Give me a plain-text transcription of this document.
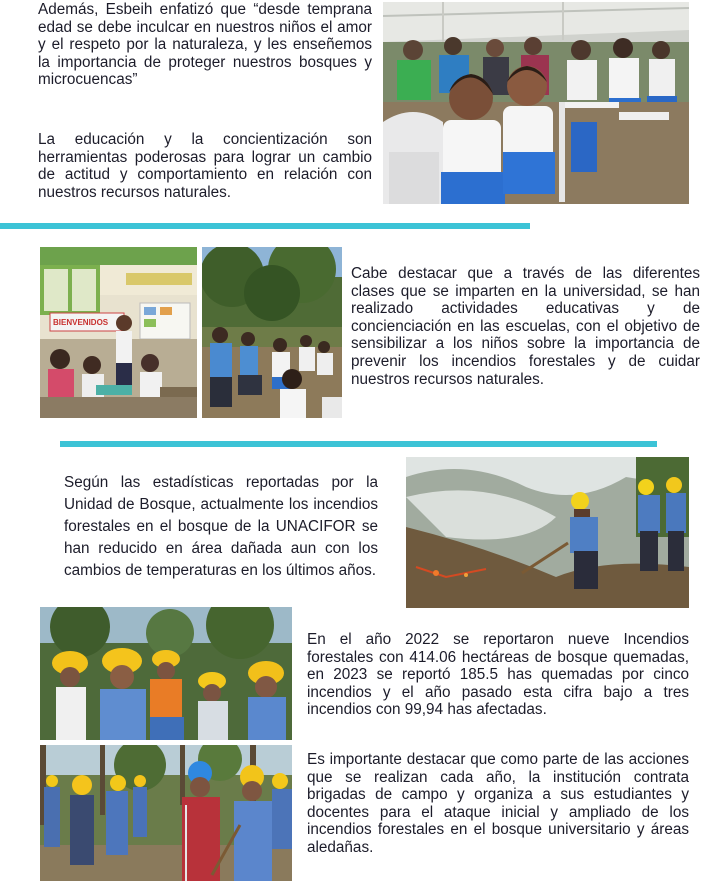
Además, Esbeih enfatizó que “desde temprana edad se debe inculcar en nuestros niños el amor y el respeto por la naturaleza, y les enseñemos la importancia de proteger nuestros bosques y microcuencas”

La educación y la concientización son herramientas poderosas para lograr un cambio de actitud y comportamiento en relación con nuestros recursos naturales.

BIENVENIDOS

Cabe destacar que a través de las diferentes clases que se imparten en la universidad, se han realizado actividades educativas y de concienciación en las escuelas, con el objetivo de sensibilizar a los niños sobre la importancia de prevenir los incendios forestales y de cuidar nuestros recursos naturales.

Según las estadísticas reportadas por la Unidad de Bosque, actualmente los incendios forestales en el bosque de la UNACIFOR se han reducido en área dañada aun con los cambios de temperaturas en los últimos años.

En el año 2022 se reportaron nueve Incendios forestales con 414.06 hectáreas de bosque quemadas, en 2023 se reportó 185.5 has quemadas por cinco incendios y el año pasado esta cifra bajo a tres incendios con 99,94 has afectadas.

Es importante destacar que como parte de las acciones que se realizan cada año, la institución contrata brigadas de campo y organiza a sus estudiantes y docentes para el ataque inicial y ampliado de los incendios forestales en el bosque universitario y áreas aledañas.
